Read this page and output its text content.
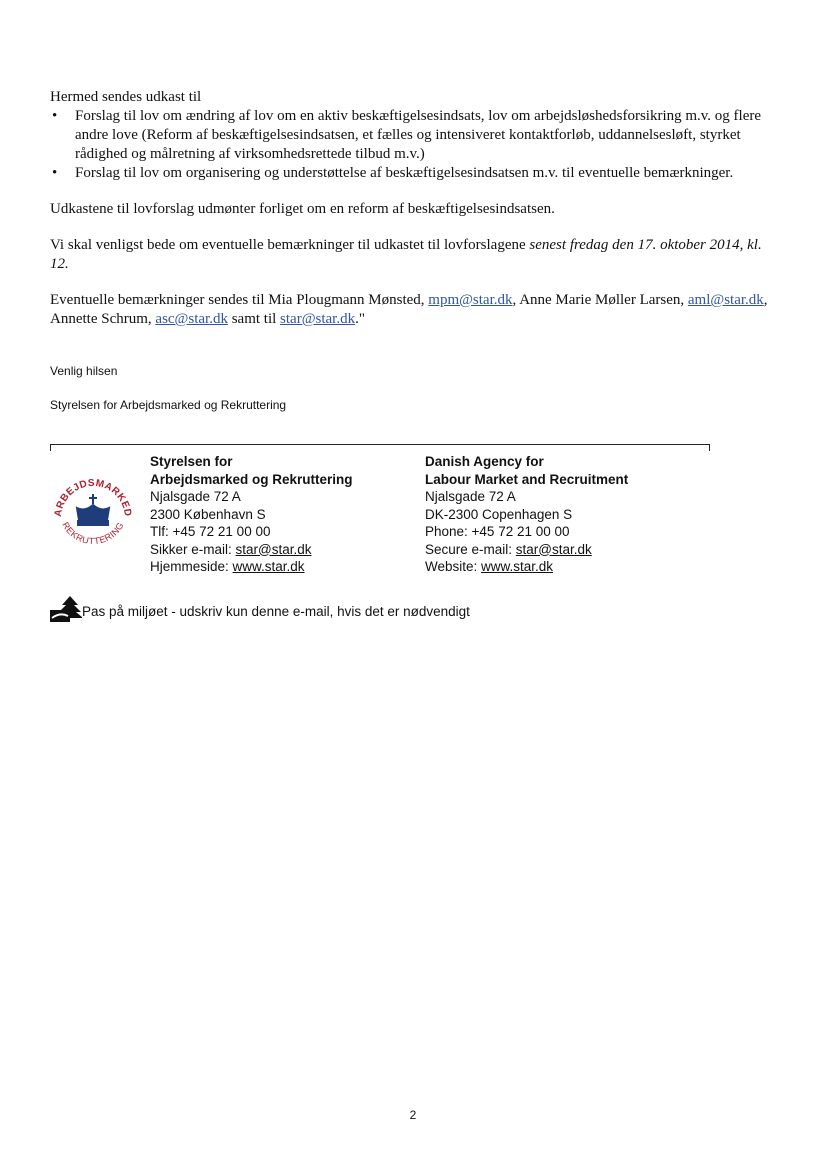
Hermed sendes udkast til
• Forslag til lov om ændring af lov om en aktiv beskæftigelsesindsats, lov om arbejdsløshedsforsikring m.v. og flere andre love (Reform af beskæftigelsesindsatsen, et fælles og intensiveret kontaktforløb, uddannelsesløft, styrket rådighed og målretning af virksomhedsrettede tilbud m.v.)
• Forslag til lov om organisering og understøttelse af beskæftigelsesindsatsen m.v. til eventuelle bemærkninger.
Udkastene til lovforslag udmønter forliget om en reform af beskæftigelsesindsatsen.
Vi skal venligst bede om eventuelle bemærkninger til udkastet til lovforslagene senest fredag den 17. oktober 2014, kl. 12.
Eventuelle bemærkninger sendes til Mia Plougmann Mønsted, mpm@star.dk, Anne Marie Møller Larsen, aml@star.dk, Annette Schrum, asc@star.dk samt til star@star.dk."
Venlig hilsen
Styrelsen for Arbejdsmarked og Rekruttering
ARBEJDSMARKED
REKRUTTERING
Styrelsen for
Arbejdsmarked og Rekruttering
Njalsgade 72 A
2300 København S
Tlf: +45 72 21 00 00
Sikker e-mail: star@star.dk
Hjemmeside: www.star.dk
Danish Agency for
Labour Market and Recruitment
Njalsgade 72 A
DK-2300 Copenhagen S
Phone: +45 72 21 00 00
Secure e-mail: star@star.dk
Website: www.star.dk
Pas på miljøet - udskriv kun denne e-mail, hvis det er nødvendigt
2
